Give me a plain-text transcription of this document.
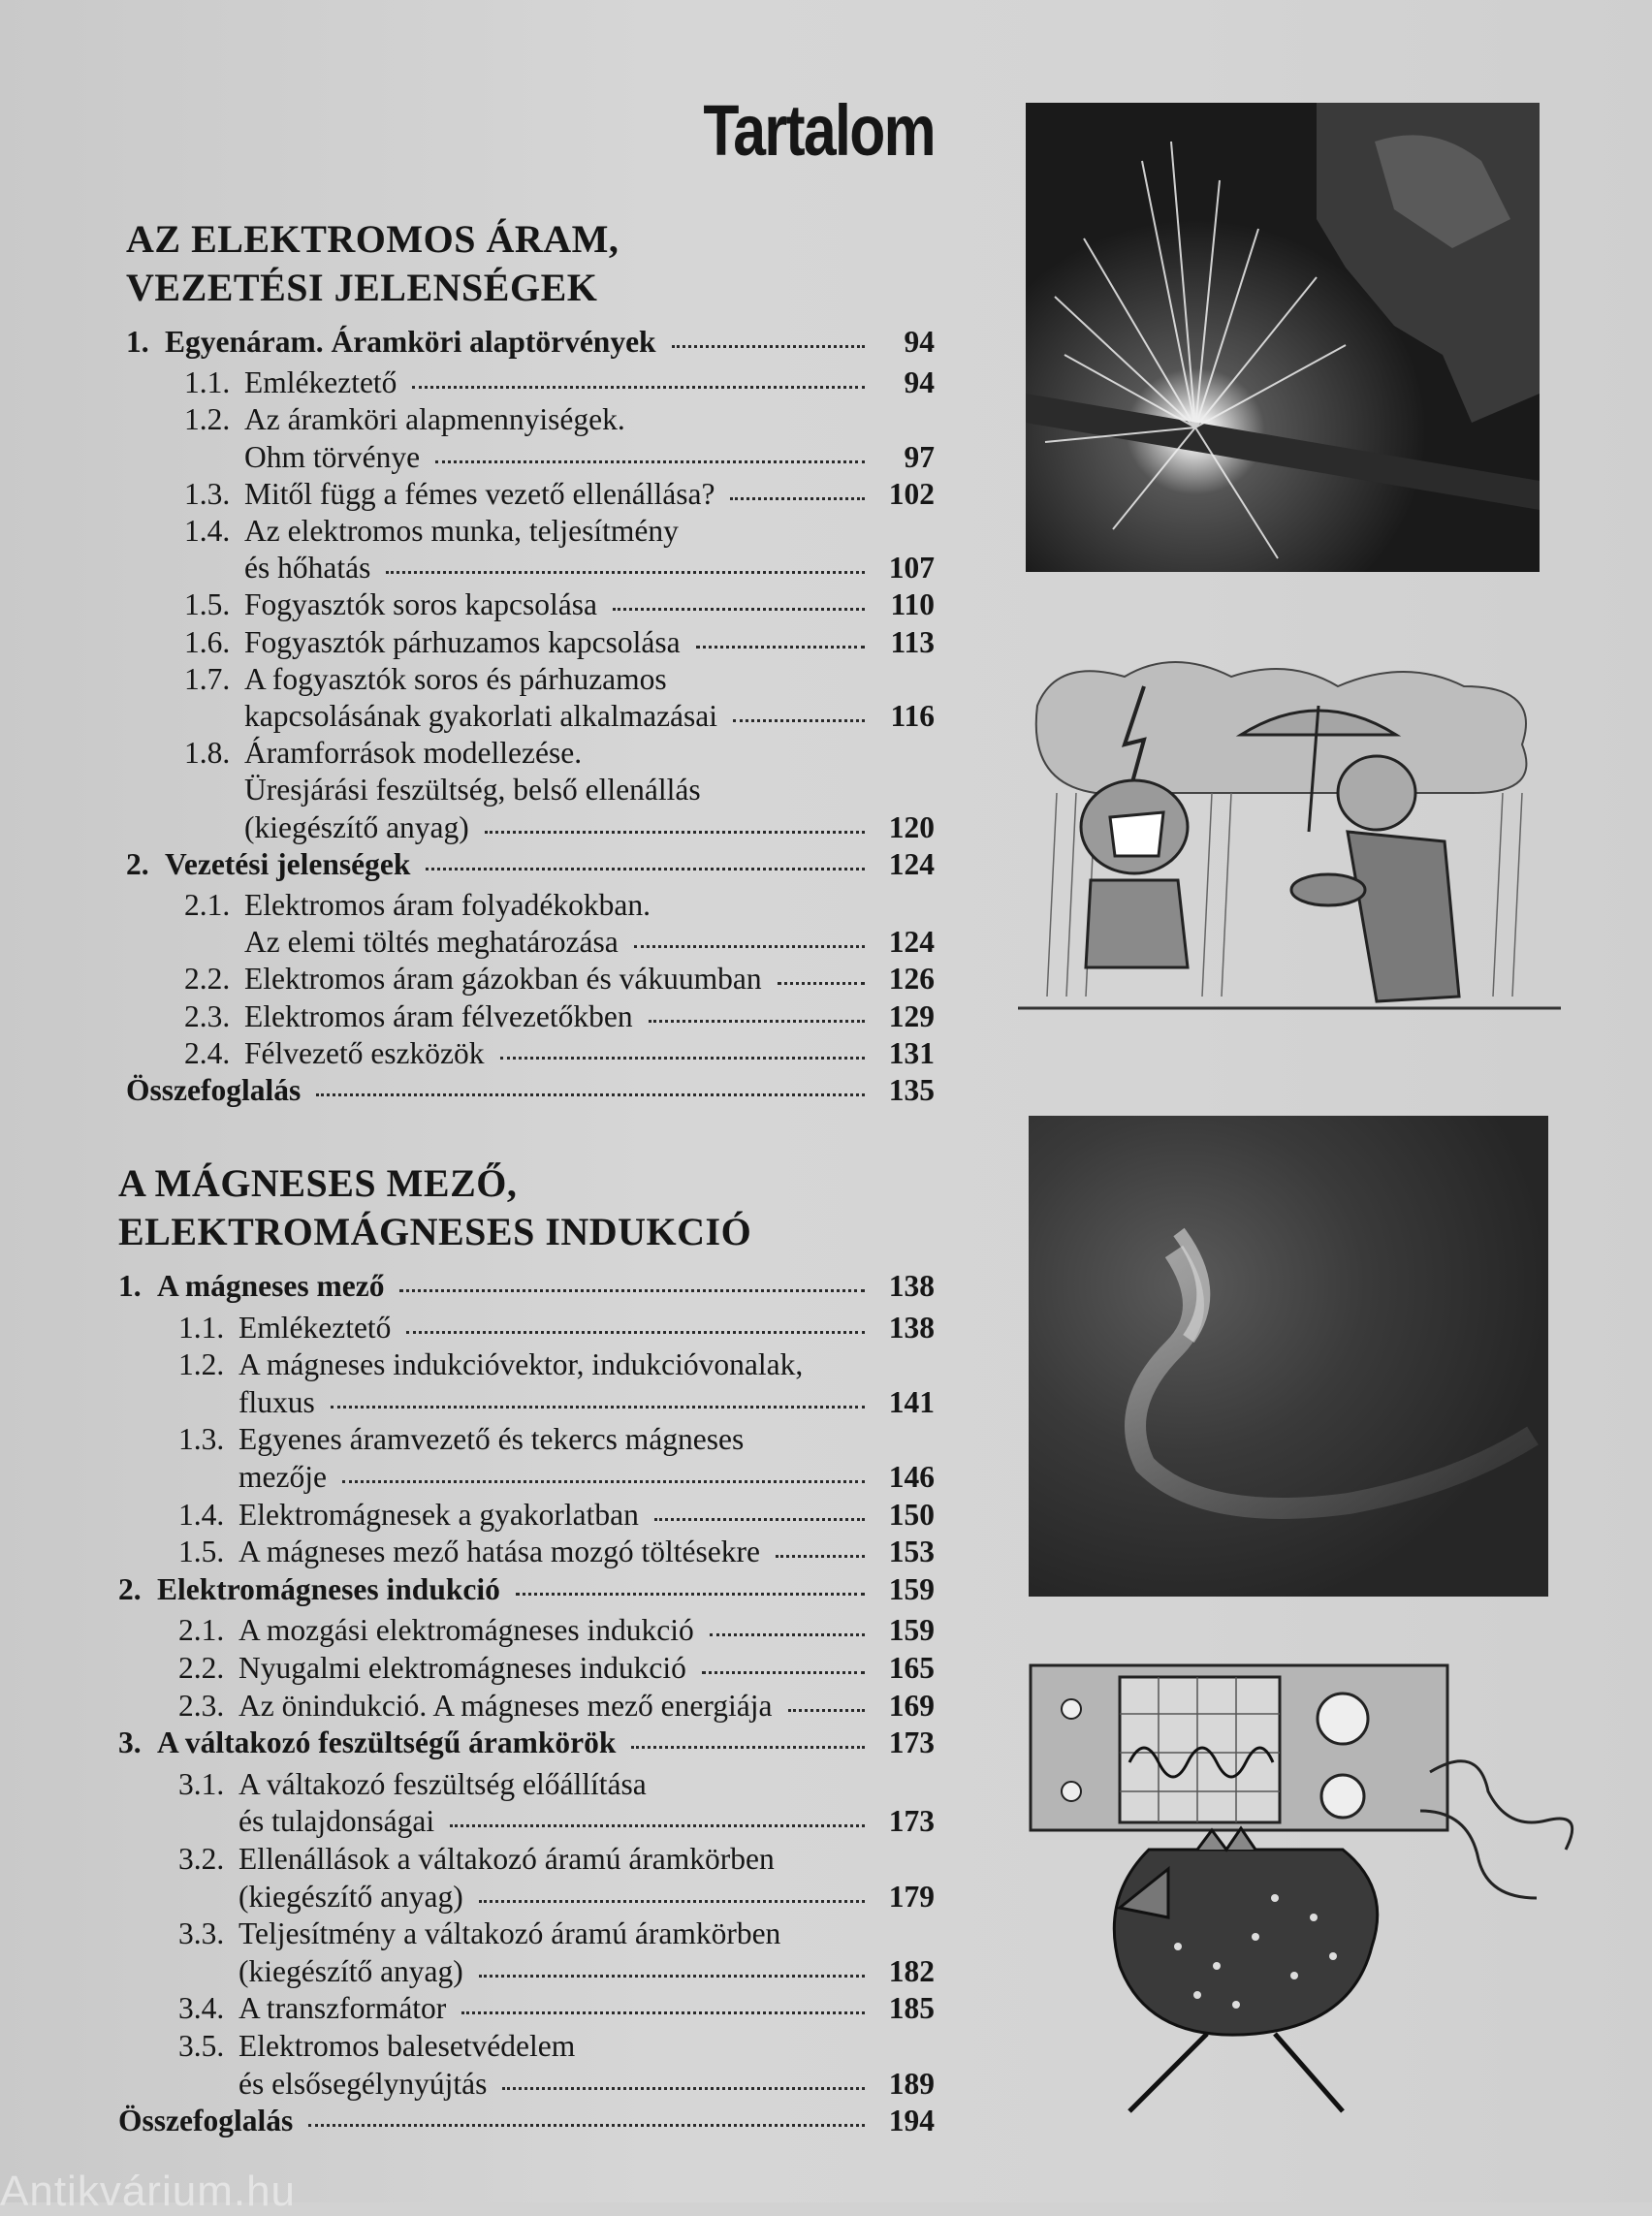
Tartalom
AZ ELEKTROMOS ÁRAM,
VEZETÉSI JELENSÉGEK
A MÁGNESES MEZŐ,
ELEKTROMÁGNESES INDUKCIÓ
1. Egyenáram. Áramköri alaptörvények	94
1.1. Emlékeztető	94
1.2. Az áramköri alapmennyiségek.
Ohm törvénye	97
1.3. Mitől függ a fémes vezető ellenállása?	102
1.4. Az elektromos munka, teljesítmény
és hőhatás	107
1.5. Fogyasztók soros kapcsolása	110
1.6. Fogyasztók párhuzamos kapcsolása	113
1.7. A fogyasztók soros és párhuzamos
kapcsolásának gyakorlati alkalmazásai	116
1.8. Áramforrások modellezése.
Üresjárási feszültség, belső ellenállás
(kiegészítő anyag)	120
2. Vezetési jelenségek	124
2.1. Elektromos áram folyadékokban.
Az elemi töltés meghatározása	124
2.2. Elektromos áram gázokban és vákuumban	126
2.3. Elektromos áram félvezetőkben	129
2.4. Félvezető eszközök	131
Összefoglalás	135
1. A mágneses mező	138
1.1. Emlékeztető	138
1.2. A mágneses indukcióvektor, indukcióvonalak,
fluxus	141
1.3. Egyenes áramvezető és tekercs mágneses
mezője	146
1.4. Elektromágnesek a gyakorlatban	150
1.5. A mágneses mező hatása mozgó töltésekre	153
2. Elektromágneses indukció	159
2.1. A mozgási elektromágneses indukció	159
2.2. Nyugalmi elektromágneses indukció	165
2.3. Az önindukció. A mágneses mező energiája	169
3. A váltakozó feszültségű áramkörök	173
3.1. A váltakozó feszültség előállítása
és tulajdonságai	173
3.2. Ellenállások a váltakozó áramú áramkörben
(kiegészítő anyag)	179
3.3. Teljesítmény a váltakozó áramú áramkörben
(kiegészítő anyag)	182
3.4. A transzformátor	185
3.5. Elektromos balesetvédelem
és elsősegélynyújtás	189
Összefoglalás	194
Antikvárium.hu
